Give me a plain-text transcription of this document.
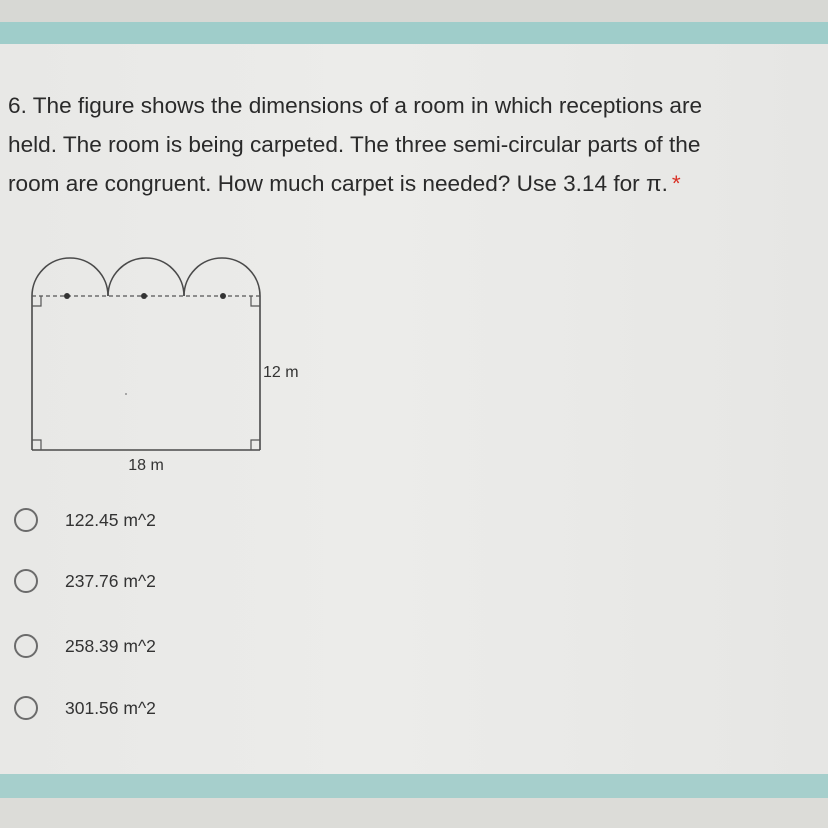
6. The figure shows the dimensions of a room in which receptions are
held. The room is being carpeted. The three semi-circular parts of the
room are congruent. How much carpet is needed? Use 3.14 for π. *

12 m
18 m
122.45 m^2
237.76 m^2
258.39 m^2
301.56 m^2
